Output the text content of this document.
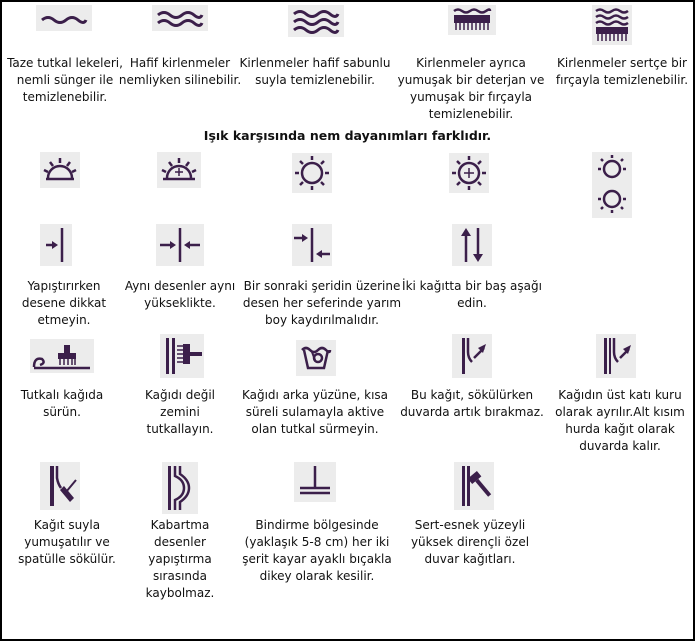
Taze tutkal lekeleri, nemli sünger ile temizlenebilir.
Hafif kirlenmeler nemliyken silinebilir.
Kirlenmeler hafif sabunlu suyla temizlenebilir.
Kirlenmeler ayrıca yumuşak bir deterjan ve yumuşak bir fırçayla temizlenebilir.
Kirlenmeler sertçe bir fırçayla temizlenebilir.
Işık karşısında nem dayanımları farklıdır.
Yapıştırırken desene dikkat etmeyin.
Aynı desenler aynı yükseklikte.
Bir sonraki şeridin üzerine desen her seferinde yarım boy kaydırılmalıdır.
İki kağıtta bir baş aşağı edin.
Tutkalı kağıda sürün.
Kağıdı değil zemini tutkallayın.
Kağıdı arka yüzüne, kısa süreli sulamayla aktive olan tutkal sürmeyin.
Bu kağıt, sökülürken duvarda artık bırakmaz.
Kağıdın üst katı kuru olarak ayrılır.Alt kısım hurda kağıt olarak duvarda kalır.
Kağıt suyla yumuşatılır ve spatülle sökülür.
Kabartma desenler yapıştırma sırasında kaybolmaz.
Bindirme bölgesinde (yaklaşık 5-8 cm) her iki şerit kayar ayaklı bıçakla dikey olarak kesilir.
Sert-esnek yüzeyli yüksek dirençli özel duvar kağıtları.
